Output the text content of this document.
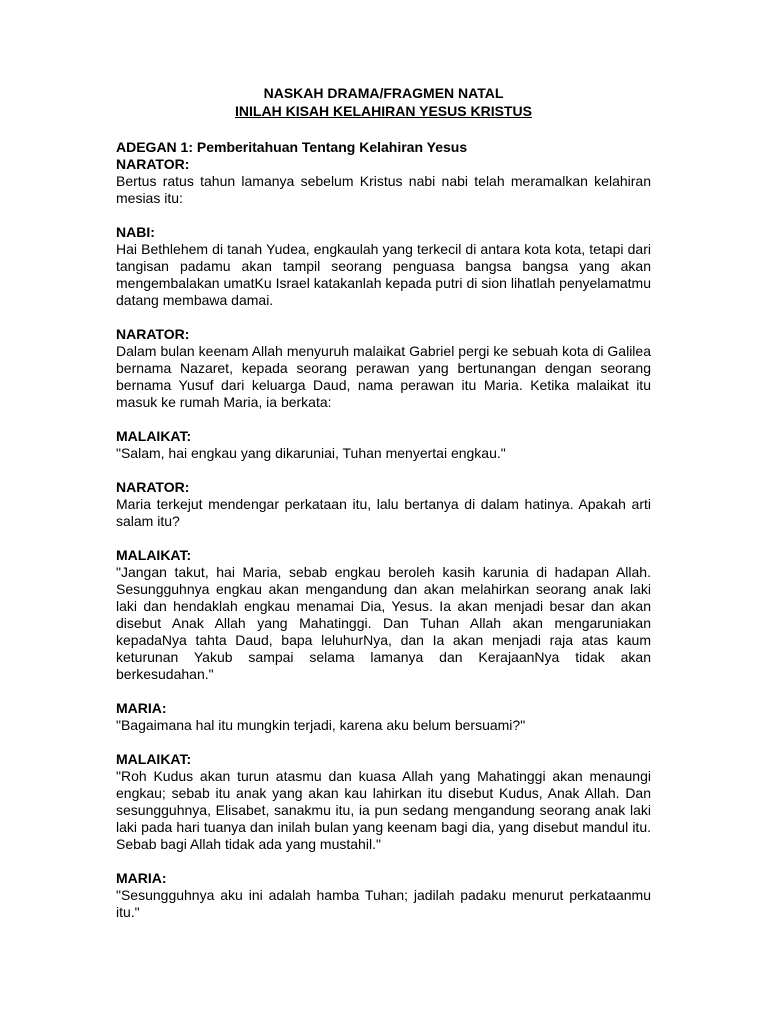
NASKAH DRAMA/FRAGMEN NATAL

INILAH KISAH KELAHIRAN YESUS KRISTUS

ADEGAN 1: Pemberitahuan Tentang Kelahiran Yesus

NARATOR:

Bertus ratus tahun lamanya sebelum Kristus nabi nabi telah meramalkan kelahiran mesias itu:

NABI:

Hai Bethlehem di tanah Yudea, engkaulah yang terkecil di antara kota kota, tetapi dari tangisan padamu akan tampil seorang penguasa bangsa bangsa yang akan mengembalakan umatKu Israel katakanlah kepada putri di sion lihatlah penyelamatmu datang membawa damai.

NARATOR:

Dalam bulan keenam Allah menyuruh malaikat Gabriel pergi ke sebuah kota di Galilea bernama Nazaret, kepada seorang perawan yang bertunangan dengan seorang bernama Yusuf dari keluarga Daud, nama perawan itu Maria. Ketika malaikat itu masuk ke rumah Maria, ia berkata:

MALAIKAT:

"Salam, hai engkau yang dikaruniai, Tuhan menyertai engkau."

NARATOR:

Maria terkejut mendengar perkataan itu, lalu bertanya di dalam hatinya. Apakah arti salam itu?

MALAIKAT:

"Jangan takut, hai Maria, sebab engkau beroleh kasih karunia di hadapan Allah. Sesungguhnya engkau akan mengandung dan akan melahirkan seorang anak laki laki dan hendaklah engkau menamai Dia, Yesus. Ia akan menjadi besar dan akan disebut Anak Allah yang Mahatinggi. Dan Tuhan Allah akan mengaruniakan kepadaNya tahta Daud, bapa leluhurNya, dan Ia akan menjadi raja atas kaum keturunan Yakub sampai selama lamanya dan KerajaanNya tidak akan berkesudahan."

MARIA:

"Bagaimana hal itu mungkin terjadi, karena aku belum bersuami?"

MALAIKAT:

"Roh Kudus akan turun atasmu dan kuasa Allah yang Mahatinggi akan menaungi engkau; sebab itu anak yang akan kau lahirkan itu disebut Kudus, Anak Allah. Dan sesungguhnya, Elisabet, sanakmu itu, ia pun sedang mengandung seorang anak laki laki pada hari tuanya dan inilah bulan yang keenam bagi dia, yang disebut mandul itu. Sebab bagi Allah tidak ada yang mustahil."

MARIA:

"Sesungguhnya aku ini adalah hamba Tuhan; jadilah padaku menurut perkataanmu itu."
